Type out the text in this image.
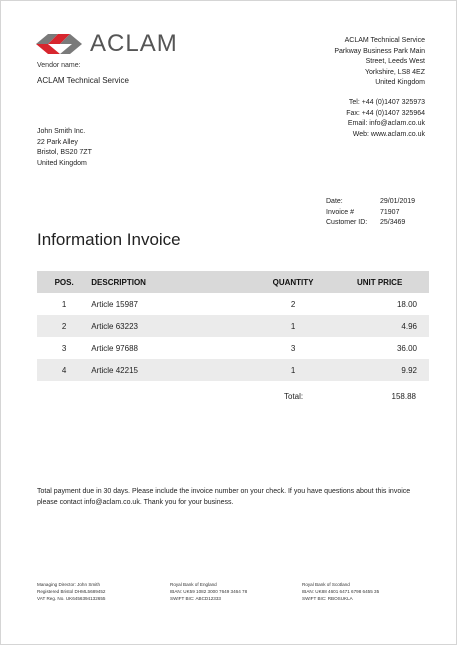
ACLAM
Vendor name:
ACLAM Technical Service
ACLAM Technical Service
Parkway Business Park Main
Street, Leeds West
Yorkshire, LS8 4EZ
United Kingdom
Tel: +44 (0)1407 325973
Fax: +44 (0)1407 325964
Email: info@aclam.co.uk
Web: www.aclam.co.uk
John Smith Inc.
22 Park Alley
Bristol, BS20 7ZT
United Kingdom
Date:	29/01/2019
Invoice #	71907
Customer ID:	25/3469
Information Invoice
POS.	DESCRIPTION	QUANTITY	UNIT PRICE
1	Article 15987	2	18.00
2	Article 63223	1	4.96
3	Article 97688	3	36.00
4	Article 42215	1	9.92
Total:	158.88
Total payment due in 30 days. Please include the invoice number on your check. If you have questions about this invoice please contact info@aclam.co.uk. Thank you for your business.
Managing Director: John Smith
Registered Bristol DHML5689452
VAT Reg. No. UK6456394132655
Royal Bank of England
IBAN: UK59 1082 3000 7649 3464 78
SWIFT BIC: ABCD12333
Royal Bank of Scotland
IBAN: UK88 4601 6471 6798 6455 35
SWIFT BIC: RBOSUKLA
